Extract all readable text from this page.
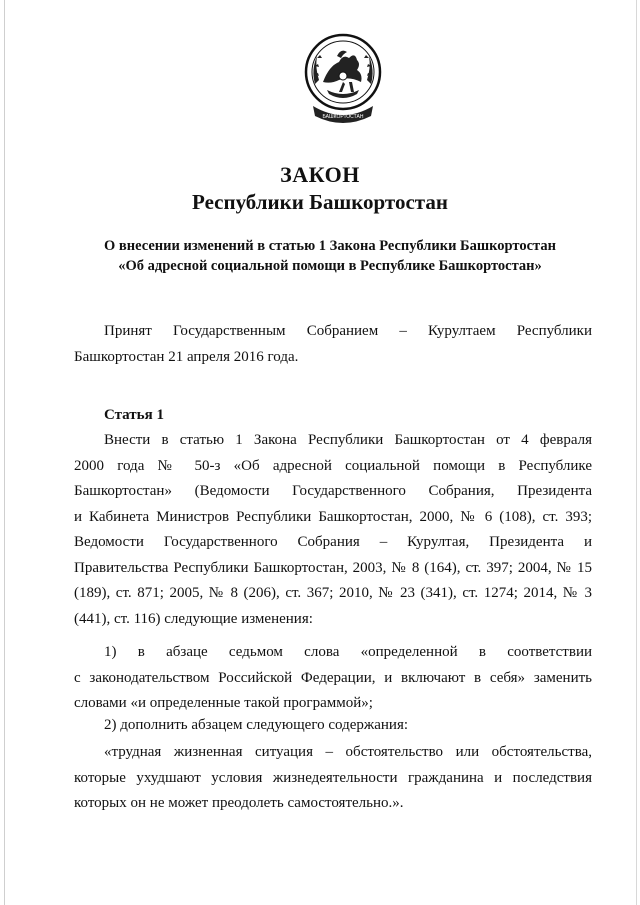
БАШКОРТОСТАН
ЗАКОН
Республики Башкортостан
О внесении изменений в статью 1 Закона Республики Башкортостан
«Об адресной социальной помощи в Республике Башкортостан»
Принят Государственным Собранием – Курултаем Республики
Башкортостан 21 апреля 2016 года.
Статья 1
Внести в статью 1 Закона Республики Башкортостан от 4 февраля
2000 года № 50-з «Об адресной социальной помощи в Республике
Башкортостан» (Ведомости Государственного Собрания, Президента
и Кабинета Министров Республики Башкортостан, 2000, № 6 (108), ст. 393;
Ведомости Государственного Собрания – Курултая, Президента и
Правительства Республики Башкортостан, 2003, № 8 (164), ст. 397; 2004, № 15
(189), ст. 871; 2005, № 8 (206), ст. 367; 2010, № 23 (341), ст. 1274; 2014, № 3
(441), ст. 116) следующие изменения:
1) в абзаце седьмом слова «определенной в соответствии
с законодательством Российской Федерации, и включают в себя» заменить
словами «и определенные такой программой»;
2) дополнить абзацем следующего содержания:
«трудная жизненная ситуация – обстоятельство или обстоятельства,
которые ухудшают условия жизнедеятельности гражданина и последствия
которых он не может преодолеть самостоятельно.».
